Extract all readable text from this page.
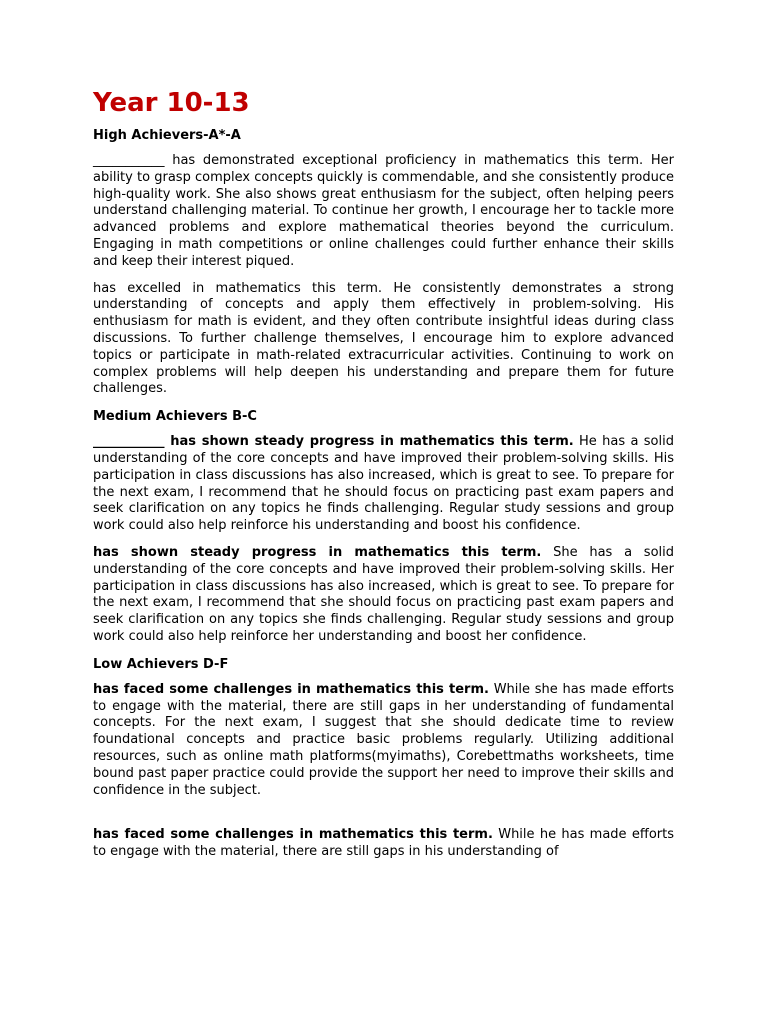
Year 10-13
High Achievers-A*-A

___________ has demonstrated exceptional proficiency in mathematics this term. Her ability to grasp complex concepts quickly is commendable, and she consistently produce high-quality work. She also shows great enthusiasm for the subject, often helping peers understand challenging material. To continue her growth, I encourage her to tackle more advanced problems and explore mathematical theories beyond the curriculum. Engaging in math competitions or online challenges could further enhance their skills and keep their interest piqued.

has excelled in mathematics this term. He consistently demonstrates a strong understanding of concepts and apply them effectively in problem-solving. His enthusiasm for math is evident, and they often contribute insightful ideas during class discussions. To further challenge themselves, I encourage him to explore advanced topics or participate in math-related extracurricular activities. Continuing to work on complex problems will help deepen his understanding and prepare them for future challenges.

Medium Achievers B-C

___________ has shown steady progress in mathematics this term. He has a solid understanding of the core concepts and have improved their problem-solving skills. His participation in class discussions has also increased, which is great to see. To prepare for the next exam, I recommend that he should focus on practicing past exam papers and seek clarification on any topics he finds challenging. Regular study sessions and group work could also help reinforce his understanding and boost his confidence.

has shown steady progress in mathematics this term. She has a solid understanding of the core concepts and have improved their problem-solving skills. Her participation in class discussions has also increased, which is great to see. To prepare for the next exam, I recommend that she should focus on practicing past exam papers and seek clarification on any topics she finds challenging. Regular study sessions and group work could also help reinforce her understanding and boost her confidence.

Low Achievers D-F

has faced some challenges in mathematics this term. While she has made efforts to engage with the material, there are still gaps in her understanding of fundamental concepts. For the next exam, I suggest that she should dedicate time to review foundational concepts and practice basic problems regularly. Utilizing additional resources, such as online math platforms(myimaths), Corebettmaths worksheets, time bound past paper practice could provide the support her need to improve their skills and confidence in the subject.

has faced some challenges in mathematics this term. While he has made efforts to engage with the material, there are still gaps in his understanding of
